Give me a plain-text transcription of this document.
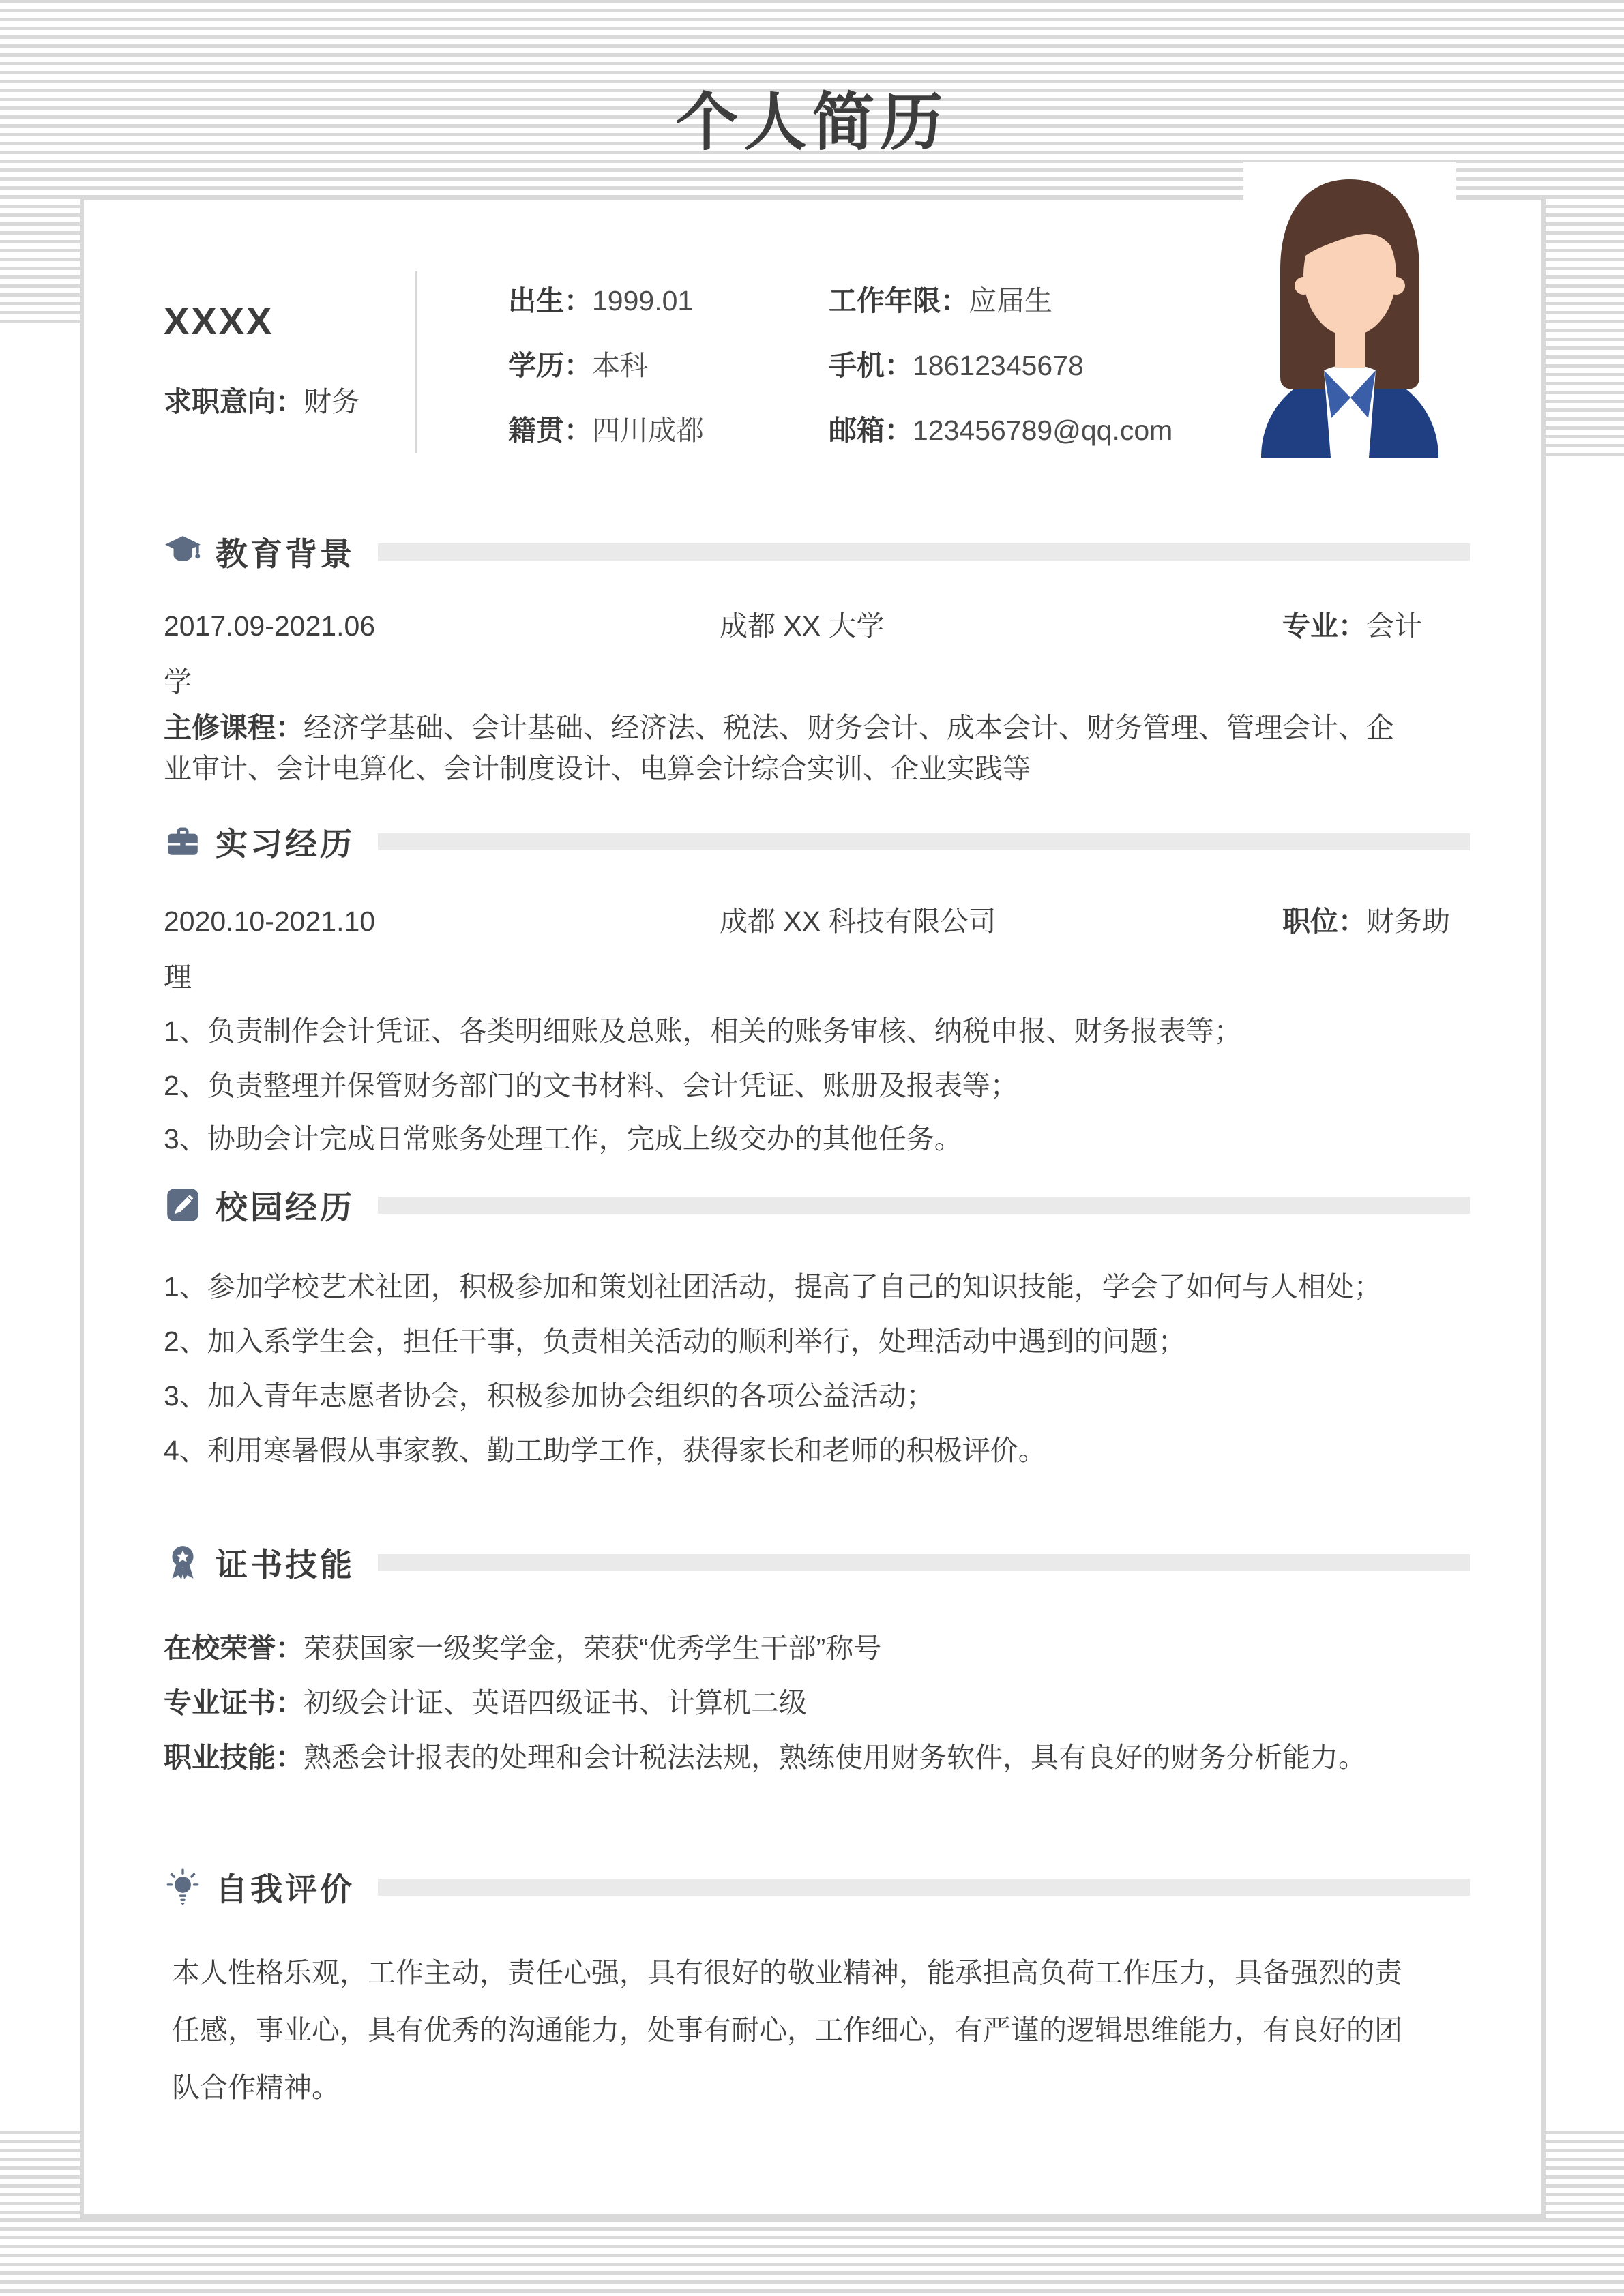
个人简历
XXXX
求职意向：财务
出生：1999.01	工作年限：应届生
学历：本科	手机：18612345678
籍贯：四川成都	邮箱：123456789@qq.com
教育背景
2017.09-2021.06	成都 XX 大学	专业：会计
学
主修课程：经济学基础、会计基础、经济法、税法、财务会计、成本会计、财务管理、管理会计、企
业审计、会计电算化、会计制度设计、电算会计综合实训、企业实践等
实习经历
2020.10-2021.10	成都 XX 科技有限公司	职位：财务助
理
1、负责制作会计凭证、各类明细账及总账，相关的账务审核、纳税申报、财务报表等；
2、负责整理并保管财务部门的文书材料、会计凭证、账册及报表等；
校园经历
1、参加学校艺术社团，积极参加和策划社团活动，提高了自己的知识技能，学会了如何与人相处；
2、加入系学生会，担任干事，负责相关活动的顺利举行，处理活动中遇到的问题；
3、加入青年志愿者协会，积极参加协会组织的各项公益活动；
4、利用寒暑假从事家教、勤工助学工作，获得家长和老师的积极评价。
证书技能
在校荣誉：荣获国家一级奖学金，荣获“优秀学生干部”称号
专业证书：初级会计证、英语四级证书、计算机二级
职业技能：熟悉会计报表的处理和会计税法法规，熟练使用财务软件，具有良好的财务分析能力。
自我评价
本人性格乐观，工作主动，责任心强，具有很好的敬业精神，能承担高负荷工作压力，具备强烈的责
任感，事业心，具有优秀的沟通能力，处事有耐心，工作细心，有严谨的逻辑思维能力，有良好的团
队合作精神。
